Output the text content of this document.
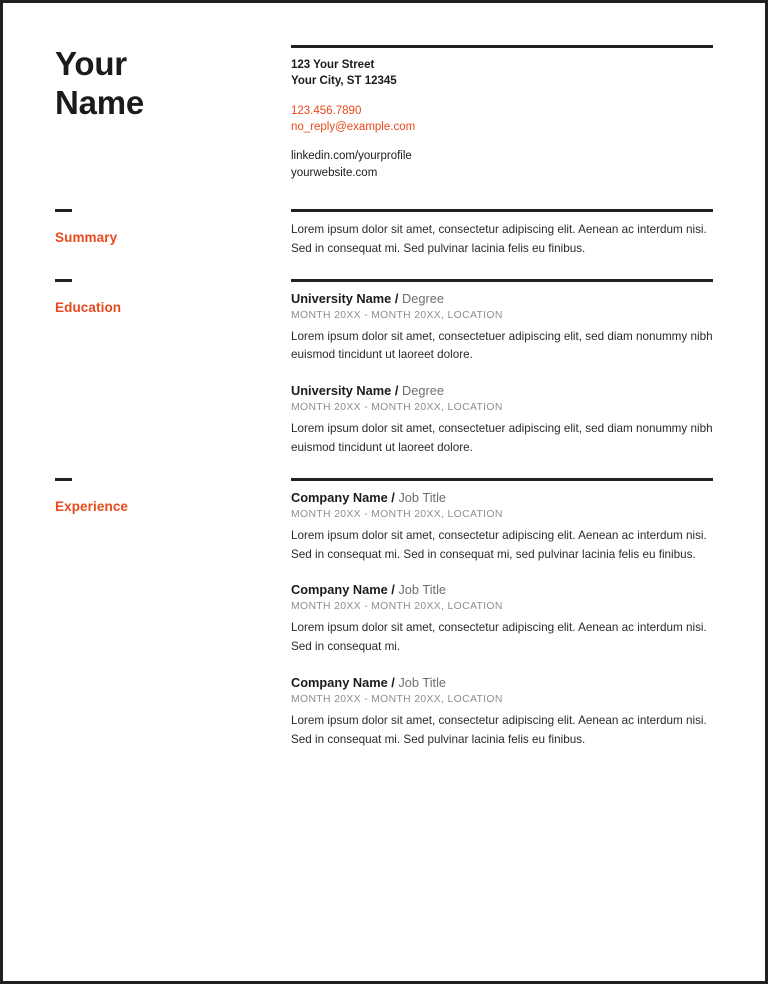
Your
Name
123 Your Street
Your City, ST 12345
123.456.7890
no_reply@example.com
linkedin.com/yourprofile
yourwebsite.com
Summary
Lorem ipsum dolor sit amet, consectetur adipiscing elit. Aenean ac interdum nisi. Sed in consequat mi. Sed pulvinar lacinia felis eu finibus.
Education
University Name / Degree
MONTH 20XX - MONTH 20XX, LOCATION
Lorem ipsum dolor sit amet, consectetuer adipiscing elit, sed diam nonummy nibh euismod tincidunt ut laoreet dolore.
University Name / Degree
MONTH 20XX - MONTH 20XX, LOCATION
Lorem ipsum dolor sit amet, consectetuer adipiscing elit, sed diam nonummy nibh euismod tincidunt ut laoreet dolore.
Experience
Company Name / Job Title
MONTH 20XX - MONTH 20XX, LOCATION
Lorem ipsum dolor sit amet, consectetur adipiscing elit. Aenean ac interdum nisi. Sed in consequat mi. Sed in consequat mi, sed pulvinar lacinia felis eu finibus.
Company Name / Job Title
MONTH 20XX - MONTH 20XX, LOCATION
Lorem ipsum dolor sit amet, consectetur adipiscing elit. Aenean ac interdum nisi. Sed in consequat mi.
Company Name / Job Title
MONTH 20XX - MONTH 20XX, LOCATION
Lorem ipsum dolor sit amet, consectetur adipiscing elit. Aenean ac interdum nisi. Sed in consequat mi. Sed pulvinar lacinia felis eu finibus.
